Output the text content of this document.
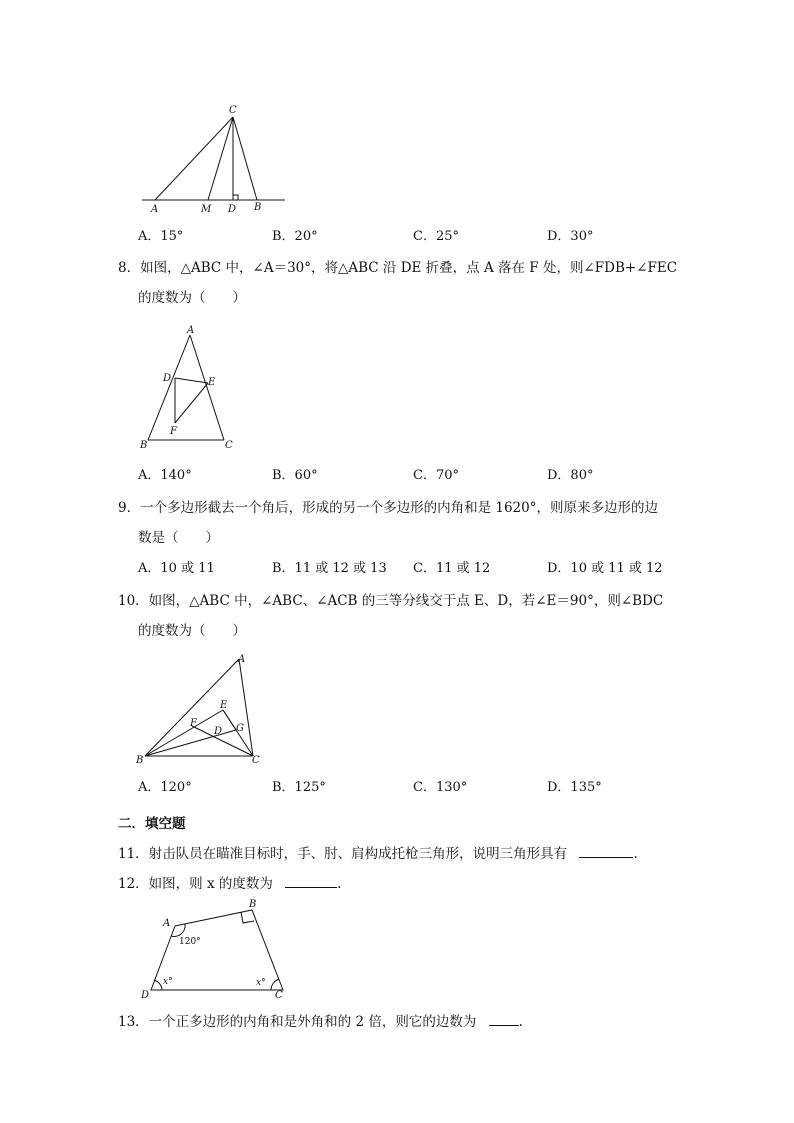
C
A	M D B
A．15°	B．20°	C．25°	D．30°
8．如图，△ABC 中，∠A＝30°，将△ABC 沿 DE 折叠，点 A 落在 F 处，则∠FDB+∠FEC
的度数为（　　）
A
D	E
F
B	C
A．140°	B．60°	C．70°	D．80°
9．一个多边形截去一个角后，形成的另一个多边形的内角和是 1620°，则原来多边形的边
数是（　　）
A．10 或 11	B．11 或 12 或 13 C．11 或 12	D．10 或 11 或 12
10．如图，△ABC 中，∠ABC、∠ACB 的三等分线交于点 E、D，若∠E＝90°，则∠BDC
的度数为（　　）
A
E
F
D G
B	C
A．120°	B．125°	C．130°	D．135°
二．填空题
11．射击队员在瞄准目标时，手、肘、肩构成托枪三角形，说明三角形具有	.
12．如图，则 x 的度数为	.
A
B
C
D
120°
x°	x°
13．一个正多边形的内角和是外角和的 2 倍，则它的边数为	.
